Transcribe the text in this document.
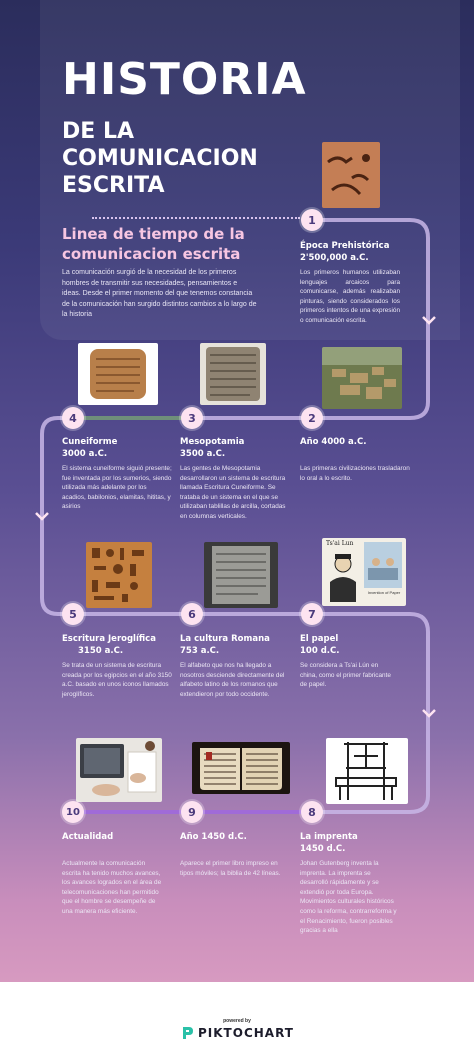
HISTORIA
DE LA
COMUNICACION
ESCRITA
Linea de tiempo de la comunicacion escrita
La comunicación surgió de la necesidad de los primeros hombres de transmitir sus necesidades, pensamientos e ideas. Desde el primer momento del que tenemos constancia de la comunicación han surgido distintos cambios a lo largo de la historia
Ts'ai Lun
Invention of Paper
1
2
3
4
5	6	7
8
9
10
Época Prehistórica
2'500,000 a.C.
Los primeros humanos utilizaban lenguajes arcaicos para comunicarse, además realizaban pinturas, siendo considerados los primeros intentos de una expresión o comunicación escrita.
Cuneiforme
3000 a.C.
El sistema cuneiforme siguió presente; fue inventada por los sumerios, siendo utilizada más adelante por los acadios, babilonios, elamitas, hititas, y asirios
Mesopotamia
3500 a.C.
Las gentes de Mesopotamia desarrollaron un sistema de escritura llamada Escritura Cuneiforme. Se trataba de un sistema en el que se utilizaban tablillas de arcilla, cortadas en columnas verticales.
Año 4000 a.C.
Las primeras civilizaciones trasladaron lo oral a lo escrito.
Escritura Jeroglífica
3150 a.C.
Se trata de un sistema de escritura creada por los egipcios en el año 3150 a.C. basado en unos iconos llamados jeroglíficos.
La cultura Romana
753 a.C.
El alfabeto que nos ha llegado a nosotros desciende directamente del alfabeto latino de los romanos que extendieron por todo occidente.
El papel
100 d.C.
Se considera a Ts'ai Lún en china, como el primer fabricante de papel.
Actualidad
Actualmente la comunicación escrita ha tenido muchos avances, los avances logrados en el área de telecomunicaciones han permitido que el hombre se desempeñe de una manera más eficiente.
Año 1450 d.C.
Aparece el primer libro impreso en tipos móviles; la biblia de 42 líneas.
La imprenta
1450 d.C.
Johan Gutenberg inventa la imprenta. La imprenta se desarrolló rápidamente y se extendió por toda Europa. Movimientos culturales históricos como la reforma, contrarreforma y el Renacimiento, fueron posibles gracias a ella
powered by
PIKTOCHART
